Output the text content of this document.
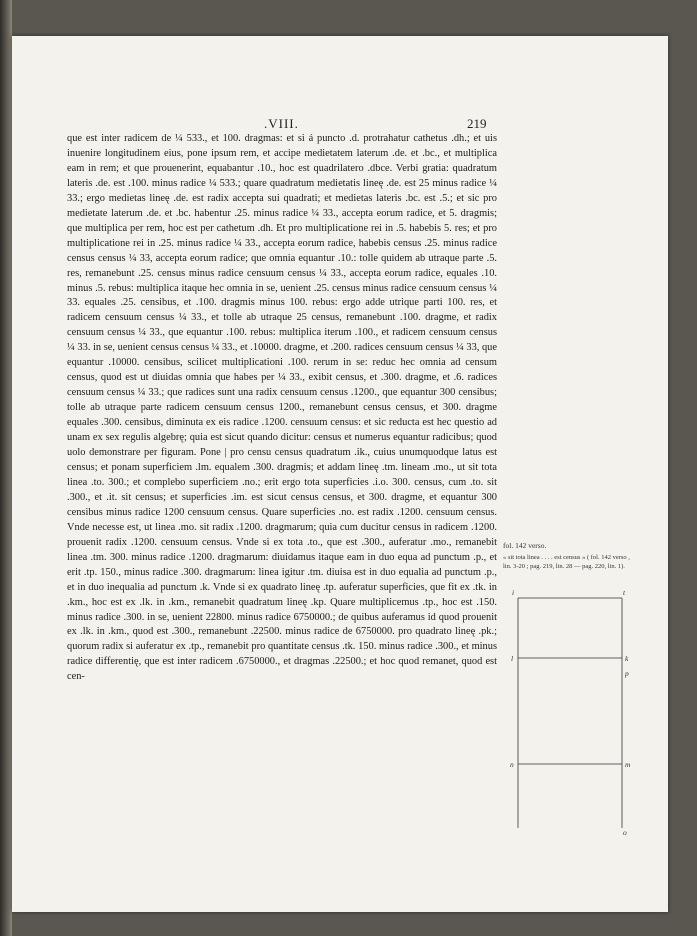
.VIII.	219

que est inter radicem de ¼ 533., et 100. dragmas: et si á puncto .d. protrahatur cathetus .dh.; et uis inuenire longitudinem eius, pone ipsum rem, et accipe medietatem laterum .de. et .bc., et multiplica eam in rem; et que prouenerint, equabantur .10., hoc est quadrilatero .dbce. Verbi gratia: quadratum lateris .de. est .100. minus radice ¼ 533.; quare quadratum medietatis lineę .de. est 25 minus radice ¼ 33.; ergo medietas lineę .de. est radix accepta sui quadrati; et medietas lateris .bc. est .5.; et sic pro medietate laterum .de. et .bc. habentur .25. minus radice ¼ 33., accepta eorum radice, et 5. dragmis; que multiplica per rem, hoc est per cathetum .dh. Et pro multiplicatione rei in .5. habebis 5. res; et pro multiplicatione rei in .25. minus radice ¼ 33., accepta eorum radice, habebis census .25. minus radice census census ¼ 33, accepta eorum radice; que omnia equantur .10.: tolle quidem ab utraque parte .5. res, remanebunt .25. census minus radice censuum census ¼ 33., accepta eorum radice, equales .10. minus .5. rebus: multiplica itaque hec omnia in se, uenient .25. census minus radice censuum census ¼ 33. equales .25. censibus, et .100. dragmis minus 100. rebus: ergo adde utrique parti 100. res, et radicem censuum census ¼ 33., et tolle ab utraque 25 census, remanebunt .100. dragme, et radix censuum census ¼ 33., que equantur .100. rebus: multiplica iterum .100., et radicem censuum census ¼ 33. in se, uenient census census ¼ 33., et .10000. dragme, et .200. radices censuum census ¼ 33, que equantur .10000. censibus, scilicet multiplicationi .100. rerum in se: reduc hec omnia ad censum census, quod est ut diuidas omnia que habes per ¼ 33., exibit census, et .300. dragme, et .6. radices censuum census ¼ 33.; que radices sunt una radix censuum census .1200., que equantur 300 censibus; tolle ab utraque parte radicem censuum census 1200., remanebunt census census, et 300. dragme equales .300. censibus, diminuta ex eis radice .1200. censuum census: et sic reducta est hec questio ad unam ex sex regulis algebrę; quia est sicut quando dicitur: census et numerus equantur radicibus; quod uolo demonstrare per figuram. Pone | pro censu census quadratum .ik., cuius unumquodque latus est census; et ponam superficiem .lm. equalem .300. dragmis; et addam lineę .tm. lineam .mo., ut sit tota linea .to. 300.; et complebo superficiem .no.; erit ergo tota superficies .i.o. 300. census, cum .to. sit .300., et .it. sit census; et superficies .im. est sicut census census, et 300. dragme, et equantur 300 censibus minus radice 1200 censuum census. Quare superficies .no. est radix .1200. censuum census. Vnde necesse est, ut linea .mo. sit radix .1200. dragmarum; quia cum ducitur census in radicem .1200. prouenit radix .1200. censuum census. Vnde si ex tota .to., que est .300., auferatur .mo., remanebit linea .tm. 300. minus radice .1200. dragmarum: diuidamus itaque eam in duo equa ad punctum .p., et erit .tp. 150., minus radice .300. dragmarum: linea igitur .tm. diuisa est in duo equalia ad punctum .p., et in duo inequalia ad punctum .k. Vnde si ex quadrato lineę .tp. auferatur superficies, que fit ex .tk. in .km., hoc est ex .lk. in .km., remanebit quadratum lineę .kp. Quare multiplicemus .tp., hoc est .150. minus radice .300. in se, uenient 22800. minus radice 6750000.; de quibus auferamus id quod prouenit ex .lk. in .km., quod est .300., remanebunt .22500. minus radice de 6750000. pro quadrato lineę .pk.; quorum radix si auferatur ex .tp., remanebit pro quantitate census .tk. 150. minus radice .300., et minus radice differentię, que est inter radicem .6750000., et dragmas .22500.; et hoc quod remanet, quod est cen-

fol. 142 verso.
« sit tota linea . . . . est census » ( fol. 142 verso , lin. 3-20 ; pag. 219, lin. 28 — pag. 220, lin. 1).
i	t
l	k
p
n	m
o
